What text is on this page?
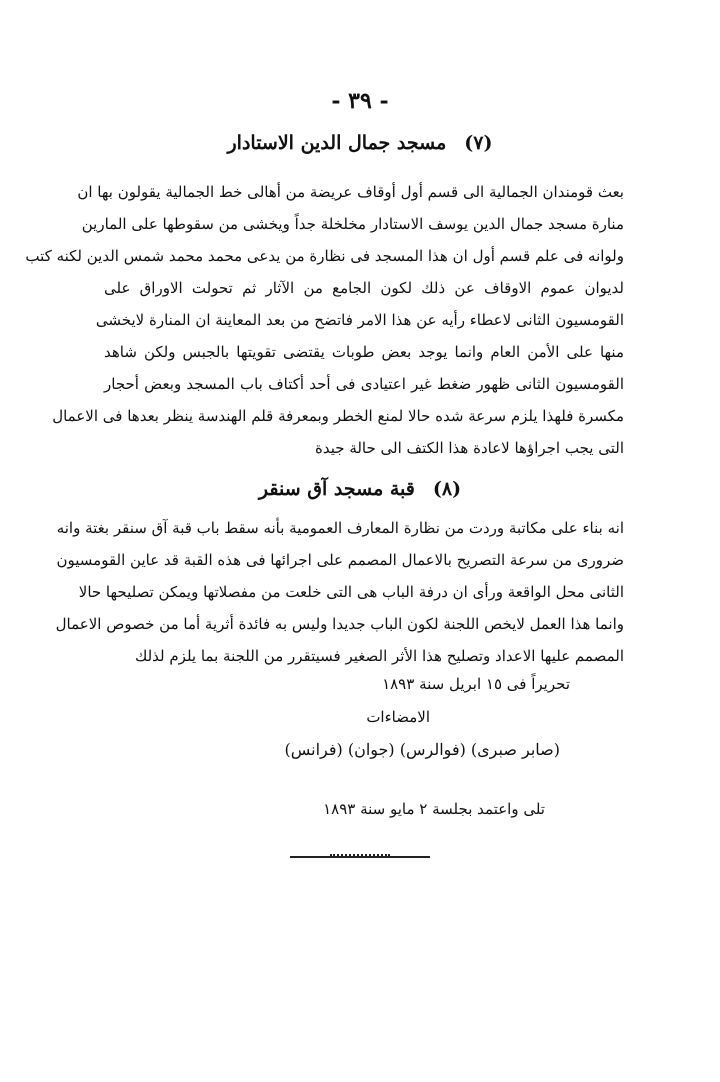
- ٣٩ -
(٧)مسجد جمال الدين الاستادار
بعث قومندان الجمالية الى قسم أول أوقاف عريضة من أهالى خط الجمالية يقولون بها ان
منارة مسجد جمال الدين يوسف الاستادار مخلخلة جداً ويخشى من سقوطها على المارين
ولوانه فى علم قسم أول ان هذا المسجد فى نظارة من يدعى محمد محمد شمس الدين لكنه كتب
لديوان عموم الاوقاف عن ذلك لكون الجامع من الآثار ثم تحولت الاوراق على
القومسيون الثانى لاعطاء رأيه عن هذا الامر فاتضح من بعد المعاينة ان المنارة لايخشى
منها على الأمن العام وانما يوجد بعض طوبات يقتضى تقويتها بالجبس ولكن شاهد
القومسيون الثانى ظهور ضغط غير اعتيادى فى أحد أكتاف باب المسجد وبعض أحجار
مكسرة فلهذا يلزم سرعة شده حالا لمنع الخطر وبمعرفة قلم الهندسة ينظر بعدها فى الاعمال
التى يجب اجراؤها لاعادة هذا الكتف الى حالة جيدة
(٨)قبة مسجد آق سنقر
انه بناء على مكاتبة وردت من نظارة المعارف العمومية بأنه سقط باب قبة آق سنقر بغتة وانه
ضرورى من سرعة التصريح بالاعمال المصمم على اجرائها فى هذه القبة قد عاين القومسيون
الثانى محل الواقعة ورأى ان درفة الباب هى التى خلعت من مفصلاتها ويمكن تصليحها حالا
وانما هذا العمل لايخص اللجنة لكون الباب جديدا وليس به فائدة أثرية أما من خصوص الاعمال
المصمم عليها الاعداد وتصليح هذا الأثر الصغير فسيتقرر من اللجنة بما يلزم لذلك
تحريراً فى ١٥ ابريل سنة ١٨٩٣
الامضاءات
(صابر صبرى) (فوالرس) (جوان) (فرانس)
تلى واعتمد بجلسة ٢ مايو سنة ١٨٩٣
